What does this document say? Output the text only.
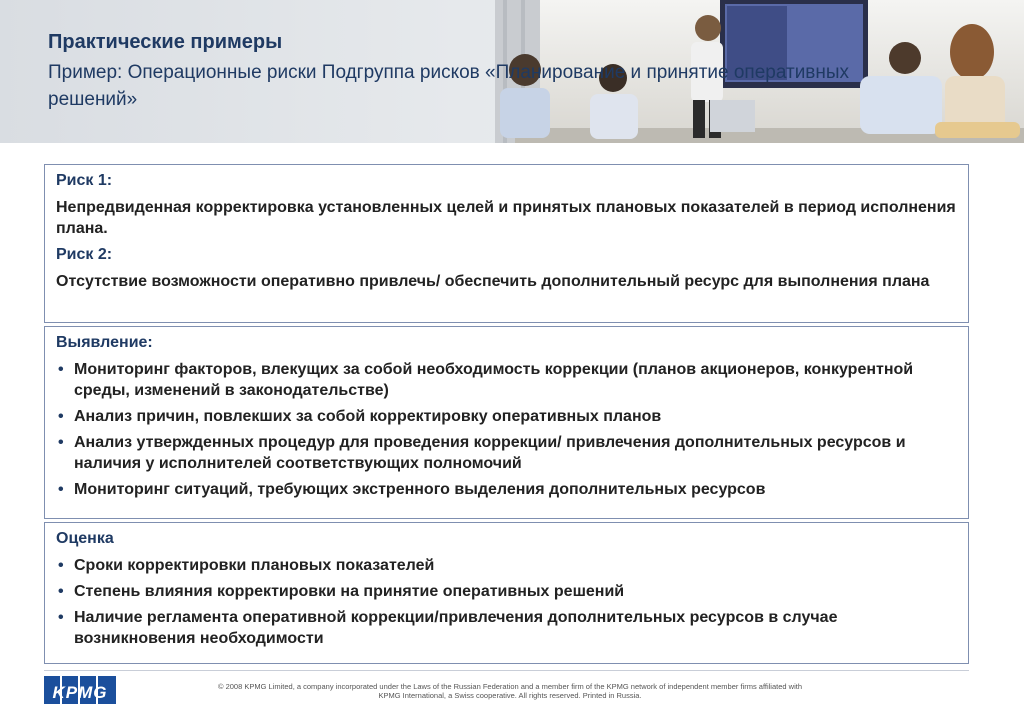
Практические примеры
Пример: Операционные риски Подгруппа рисков «Планирование и принятие оперативных решений»
Риск 1:
Непредвиденная корректировка установленных целей и принятых плановых показателей в период исполнения плана.
Риск 2:
Отсутствие возможности оперативно привлечь/ обеспечить дополнительный ресурс для выполнения плана
Выявление:
• Мониторинг факторов, влекущих за собой необходимость коррекции (планов акционеров, конкурентной среды, изменений в законодательстве)
• Анализ причин, повлекших за собой корректировку оперативных планов
• Анализ утвержденных процедур для проведения коррекции/ привлечения дополнительных ресурсов и наличия у исполнителей соответствующих полномочий
• Мониторинг ситуаций, требующих экстренного выделения дополнительных ресурсов
Оценка
• Сроки корректировки плановых показателей
• Степень влияния корректировки на принятие оперативных решений
• Наличие регламента оперативной коррекции/привлечения дополнительных ресурсов в случае возникновения необходимости
KPMG	© 2008 KPMG Limited, a company incorporated under the Laws of the Russian Federation and a member firm of the KPMG network of independent member firms affiliated with
KPMG International, a Swiss cooperative. All rights reserved. Printed in Russia.
